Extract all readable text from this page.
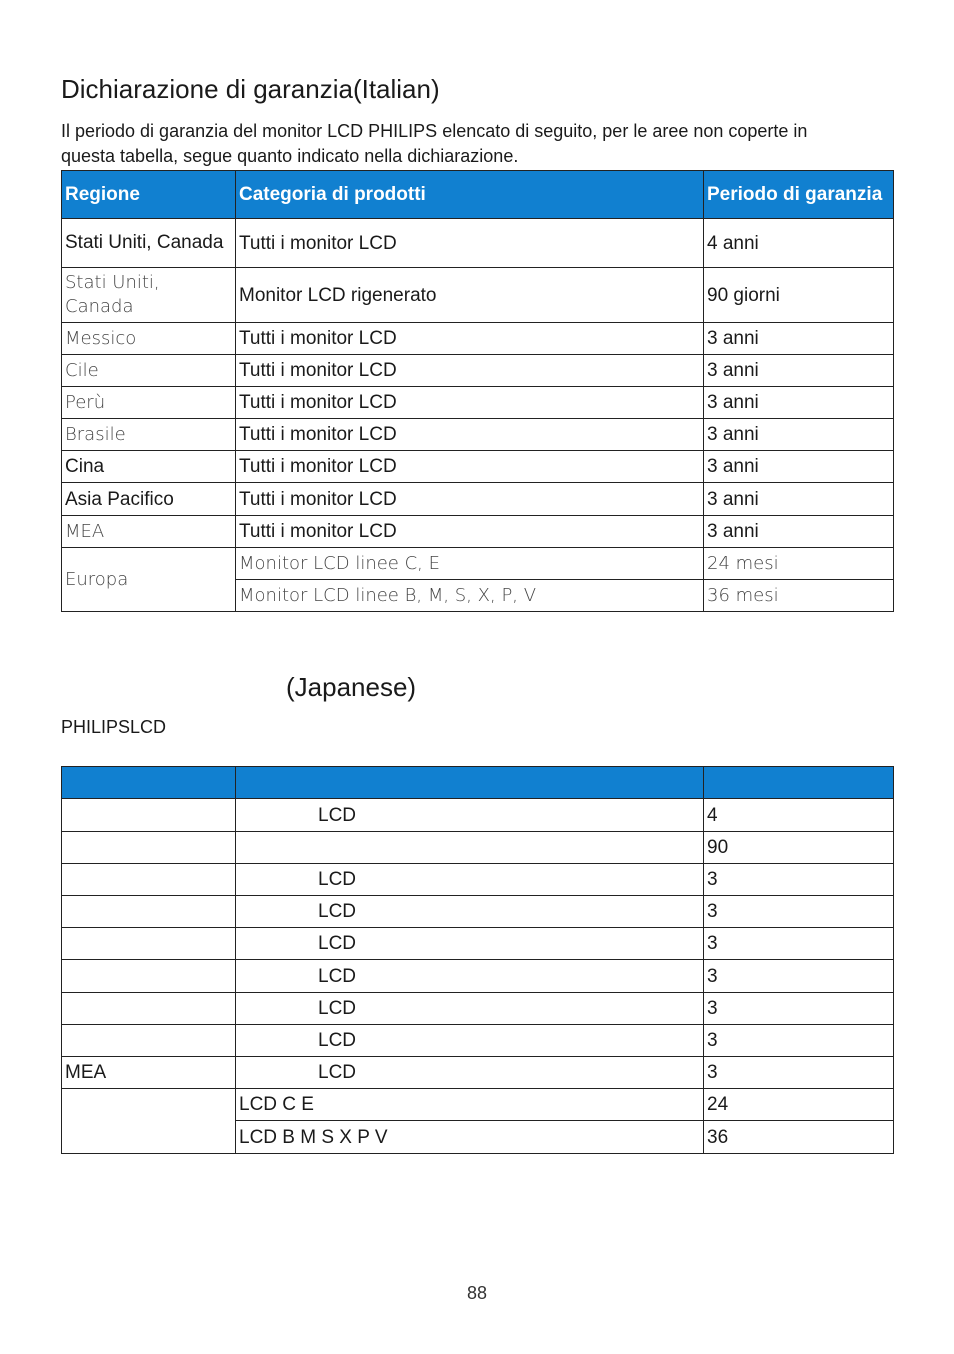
Dichiarazione di garanzia(Italian)
Il periodo di garanzia del monitor LCD PHILIPS elencato di seguito, per le aree non coperte in questa tabella, segue quanto indicato nella dichiarazione.
Regione	Categoria di prodotti	Periodo di garanzia
Stati Uniti, Canada	Tutti i monitor LCD	4 anni
Stati Uniti, Canada	Monitor LCD rigenerato	90 giorni
Messico	Tutti i monitor LCD	3 anni
Cile	Tutti i monitor LCD	3 anni
Perù	Tutti i monitor LCD	3 anni
Brasile	Tutti i monitor LCD	3 anni
Cina	Tutti i monitor LCD	3 anni
Asia Pacifico	Tutti i monitor LCD	3 anni
MEA	Tutti i monitor LCD	3 anni
Europa	Monitor LCD linee C, E	24 mesi
	Monitor LCD linee B, M, S, X, P, V	36 mesi
(Japanese)
PHILIPSLCD

	LCD	4
		90
	LCD	3
	LCD	3
	LCD	3
	LCD	3
	LCD	3
	LCD	3
MEA	LCD	3
	LCD C E	24
	LCD B M S X P V	36
88
